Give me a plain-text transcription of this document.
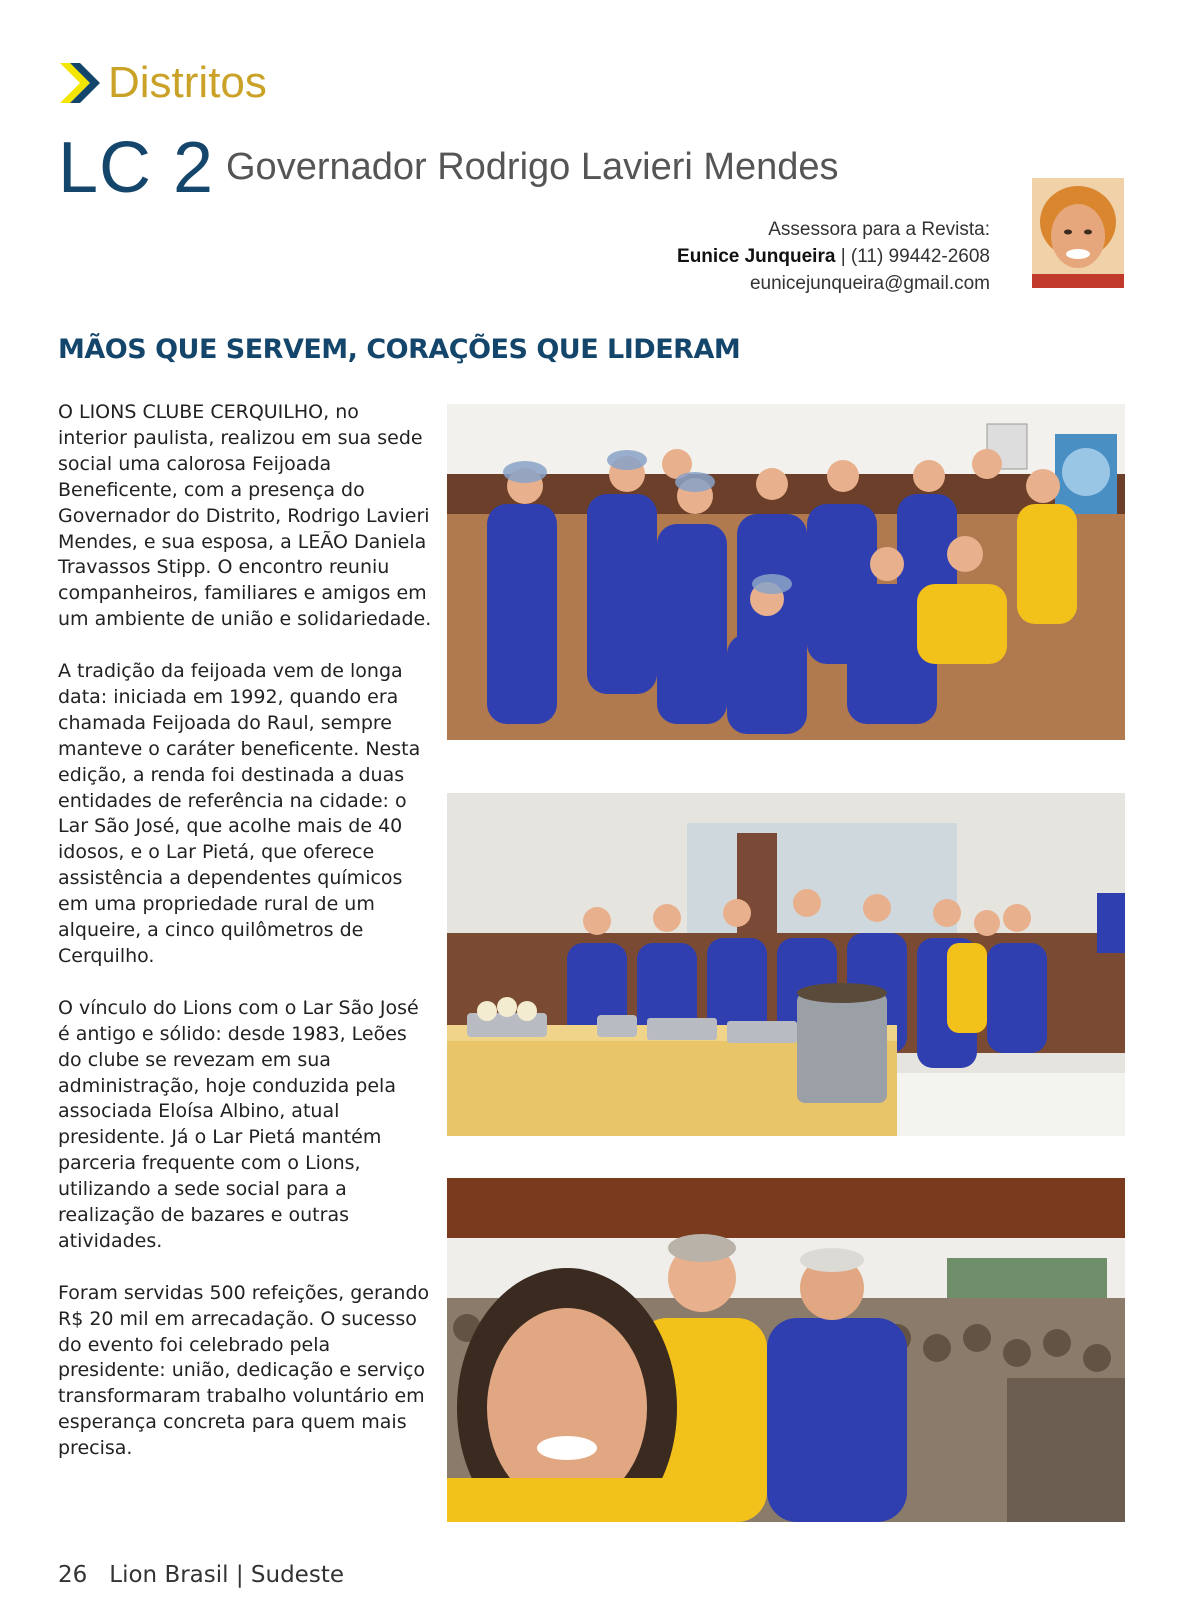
Distritos
LC 2 Governador Rodrigo Lavieri Mendes
Assessora para a Revista:
Eunice Junqueira | (11) 99442-2608
eunicejunqueira@gmail.com
MÃOS QUE SERVEM, CORAÇÕES QUE LIDERAM

O LIONS CLUBE CERQUILHO, no interior paulista, realizou em sua sede social uma calorosa Feijoada Beneficente, com a presença do Governador do Distrito, Rodrigo Lavieri Mendes, e sua esposa, a LEÃO Daniela Travassos Stipp. O encontro reuniu companheiros, familiares e amigos em um ambiente de união e solidariedade.

A tradição da feijoada vem de longa data: iniciada em 1992, quando era chamada Feijoada do Raul, sempre manteve o caráter beneficente. Nesta edição, a renda foi destinada a duas entidades de referência na cidade: o Lar São José, que acolhe mais de 40 idosos, e o Lar Pietá, que oferece assistência a dependentes químicos em uma propriedade rural de um alqueire, a cinco quilômetros de Cerquilho.

O vínculo do Lions com o Lar São José é antigo e sólido: desde 1983, Leões do clube se revezam em sua administração, hoje conduzida pela associada Eloísa Albino, atual presidente. Já o Lar Pietá mantém parceria frequente com o Lions, utilizando a sede social para a realização de bazares e outras atividades.

Foram servidas 500 refeições, gerando R$ 20 mil em arrecadação. O sucesso do evento foi celebrado pela presidente: união, dedicação e serviço transformaram trabalho voluntário em esperança concreta para quem mais precisa.

26 Lion Brasil | Sudeste
